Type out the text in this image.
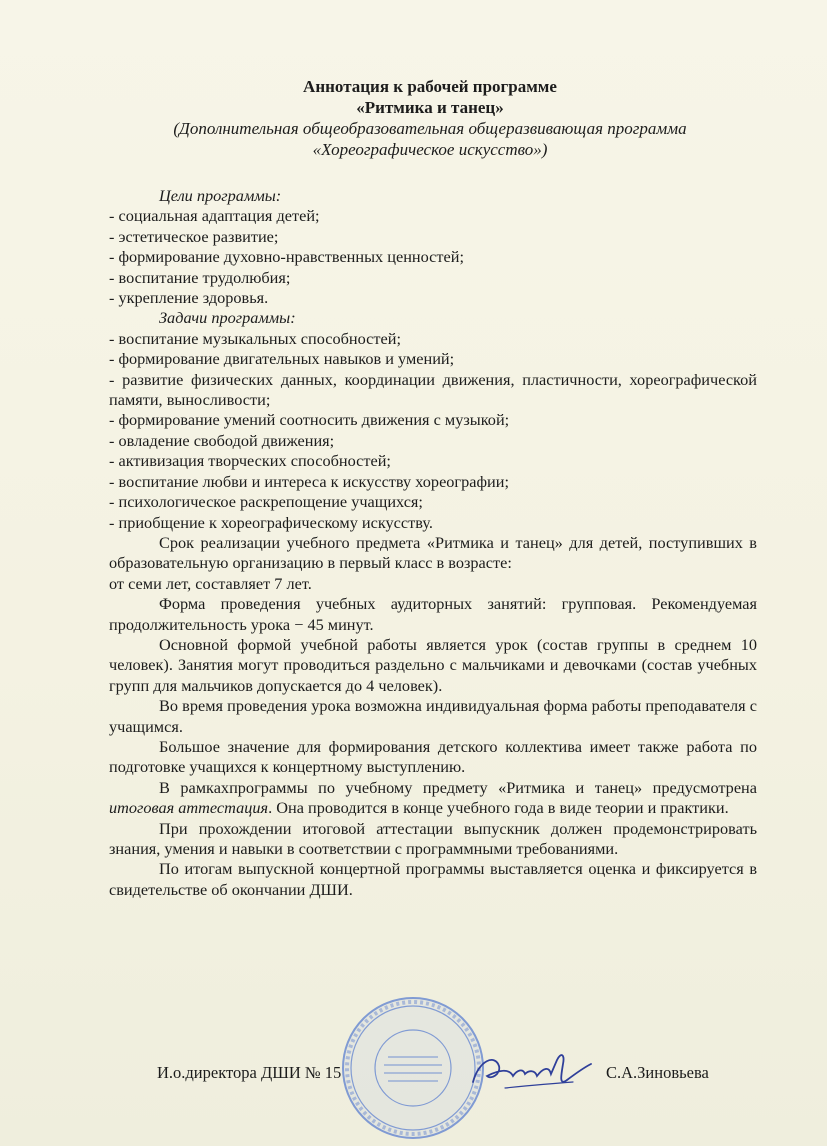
Аннотация к рабочей программе
«Ритмика и танец»
(Дополнительная общеобразовательная общеразвивающая программа
«Хореографическое искусство»)

Цели программы:

- социальная адаптация детей;

- эстетическое развитие;

- формирование духовно-нравственных ценностей;

- воспитание трудолюбия;

- укрепление здоровья.

Задачи программы:

- воспитание музыкальных способностей;

- формирование двигательных навыков и умений;

- развитие физических данных, координации движения, пластичности, хореографической памяти, выносливости;

- формирование умений соотносить движения с музыкой;

- овладение свободой движения;

- активизация творческих способностей;

- воспитание любви и интереса к искусству хореографии;

- психологическое раскрепощение учащихся;

- приобщение к хореографическому искусству.

Срок реализации учебного предмета «Ритмика и танец» для детей, поступивших в образовательную организацию в первый класс в возрасте:

от семи лет, составляет 7 лет.

Форма проведения учебных аудиторных занятий: групповая. Рекомендуемая продолжительность урока − 45 минут.

Основной формой учебной работы является урок (состав группы в среднем 10 человек). Занятия могут проводиться раздельно с мальчиками и девочками (состав учебных групп для мальчиков допускается до 4 человек).

Во время проведения урока возможна индивидуальная форма работы преподавателя с учащимся.

Большое значение для формирования детского коллектива имеет также работа по подготовке учащихся к концертному выступлению.

В рамкахпрограммы по учебному предмету «Ритмика и танец» предусмотрена итоговая аттестация. Она проводится в конце учебного года в виде теории и практики.

При прохождении итоговой аттестации выпускник должен продемонстрировать знания, умения и навыки в соответствии с программными требованиями.

По итогам выпускной концертной программы выставляется оценка и фиксируется в свидетельстве об окончании ДШИ.

И.о.директора ДШИ № 15	С.А.Зиновьева
